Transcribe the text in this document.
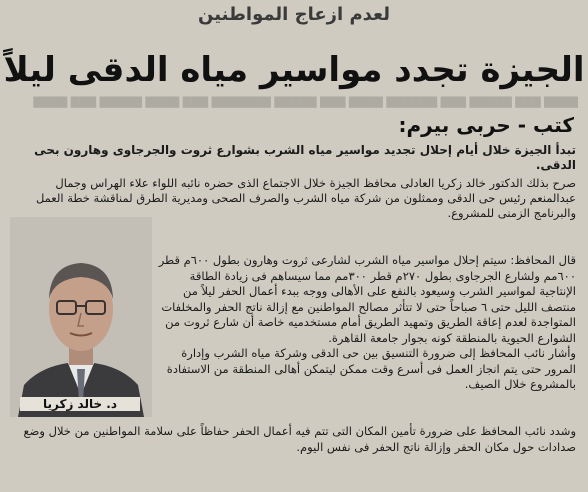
لعدم ازعاج المواطنين
الجيزة تجدد مواسير مياه الدقى ليلاً
▇▇▇▇ ▇▇▇ ▇▇▇▇▇ ▇▇▇ ▇▇▇▇▇▇ ▇▇▇▇ ▇▇▇ ▇▇▇▇▇ ▇▇▇▇▇▇▇ ▇▇▇ ▇▇▇▇ ▇▇▇▇▇ ▇▇▇ ▇▇▇▇
كتب - حربى بيرم:
تبدأ الجيزة خلال أيام إحلال تجديد مواسير مياه الشرب بشوارع ثروت والجرجاوى وهارون بحى الدقى.
صرح بذلك الدكتور خالد زكريا العادلى محافظ الجيزة خلال الاجتماع الذى حضره نائبه اللواء علاء الهراس وجمال عبدالمنعم رئيس حى الدقى وممثلون من شركة مياه الشرب والصرف الصحى ومديرية الطرق لمناقشة خطة العمل والبرنامج الزمنى للمشروع.
د. خالد زكريا

قال المحافظ: سيتم إحلال مواسير مياه الشرب لشارعى ثروت وهارون بطول ٦٠٠م قطر ٦٠٠مم ولشارع الجرجاوى بطول ٢٧٠م قطر ٣٠٠مم مما سيساهم فى زيادة الطاقة الإنتاجية لمواسير الشرب وسيعود بالنفع على الأهالى ووجه ببدء أعمال الحفر ليلاً من منتصف الليل حتى ٦ صباحاً حتى لا تتأثر مصالح المواطنين مع إزالة ناتج الحفر والمخلفات المتواجدة لعدم إعاقة الطريق وتمهيد الطريق أمام مستخدميه خاصة أن شارع ثروت من الشوارع الحيوية بالمنطقة كونه بجوار جامعة القاهرة.

وأشار نائب المحافظ إلى ضرورة التنسيق بين حى الدقى وشركة مياه الشرب وإدارة المرور حتى يتم انجاز العمل فى أسرع وقت ممكن ليتمكن أهالى المنطقة من الاستفادة بالمشروع خلال الصيف.

وشدد نائب المحافظ على ضرورة تأمين المكان التى تتم فيه أعمال الحفر حفاظاً على سلامة المواطنين من خلال وضع صدادات حول مكان الحفر وإزالة ناتج الحفر فى نفس اليوم.
